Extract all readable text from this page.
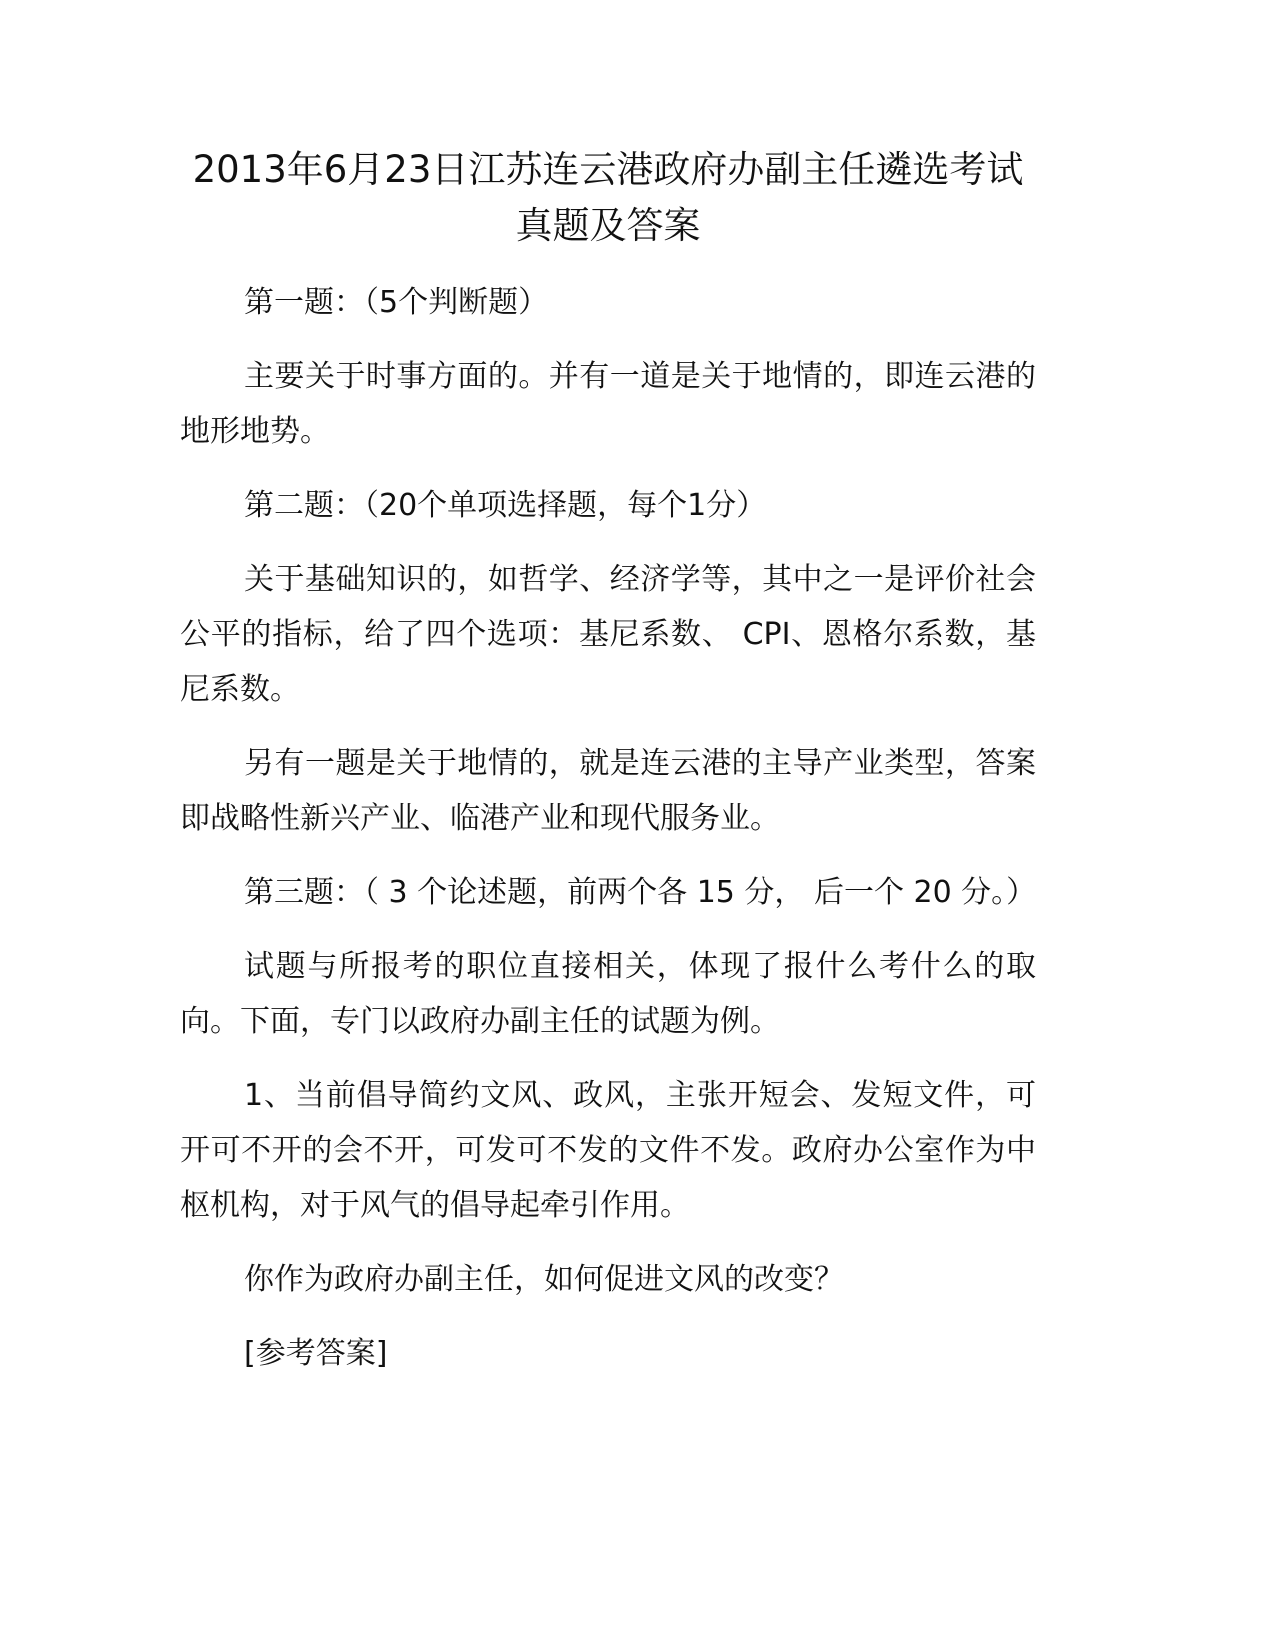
2013年6月23日江苏连云港政府办副主任遴选考试真题及答案

第一题：（5个判断题）

主要关于时事方面的。并有一道是关于地情的，即连云港的地形地势。

第二题：（20个单项选择题，每个1分）

关于基础知识的，如哲学、经济学等，其中之一是评价社会公平的指标，给了四个选项：基尼系数、 CPI、恩格尔系数，基尼系数。

另有一题是关于地情的，就是连云港的主导产业类型，答案即战略性新兴产业、临港产业和现代服务业。

第三题：（ 3 个论述题，前两个各 15 分， 后一个 20 分。）

试题与所报考的职位直接相关，体现了报什么考什么的取向。下面，专门以政府办副主任的试题为例。

1、当前倡导简约文风、政风，主张开短会、发短文件，可开可不开的会不开，可发可不发的文件不发。政府办公室作为中枢机构，对于风气的倡导起牵引作用。

你作为政府办副主任，如何促进文风的改变？

[参考答案]
